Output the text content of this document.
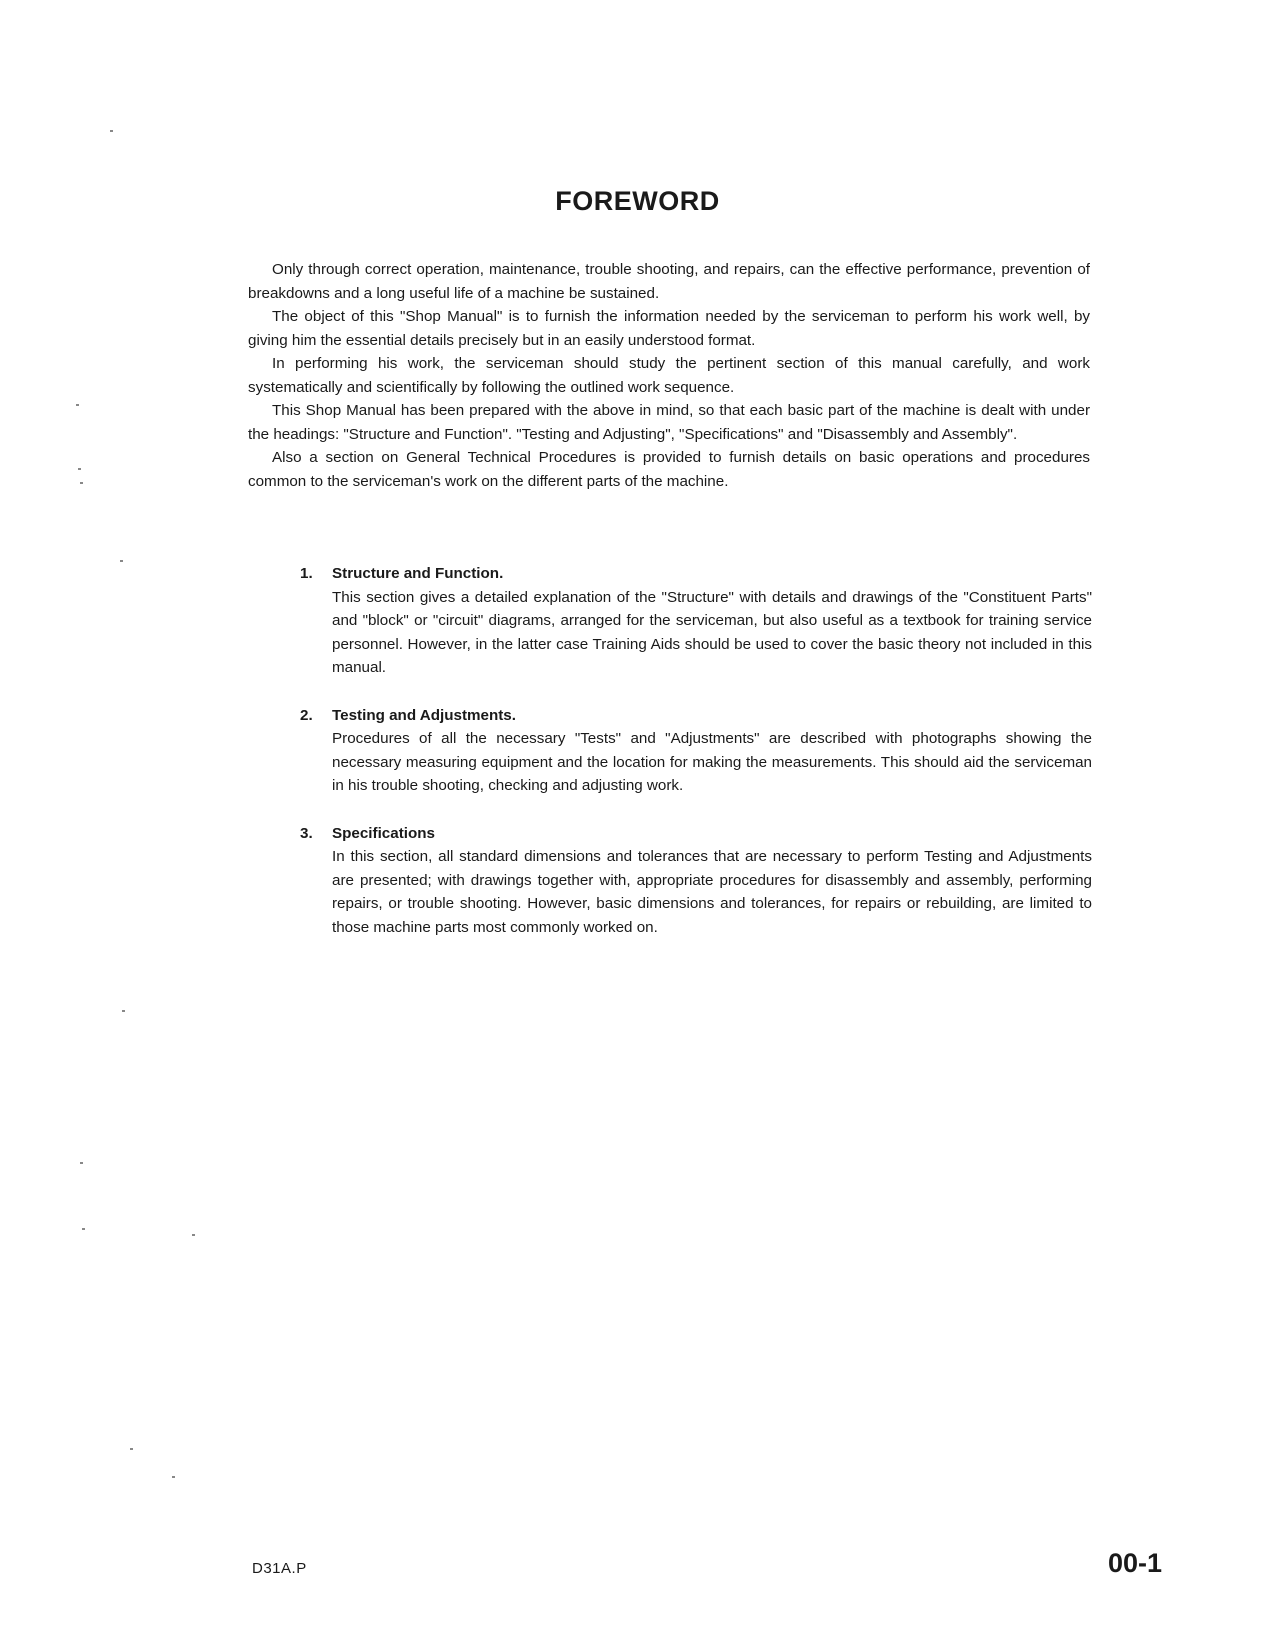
FOREWORD

Only through correct operation, maintenance, trouble shooting, and repairs, can the effective performance, prevention of breakdowns and a long useful life of a machine be sustained.

The object of this "Shop Manual" is to furnish the information needed by the serviceman to perform his work well, by giving him the essential details precisely but in an easily understood format.

In performing his work, the serviceman should study the pertinent section of this manual carefully, and work systematically and scientifically by following the outlined work sequence.

This Shop Manual has been prepared with the above in mind, so that each basic part of the machine is dealt with under the headings: "Structure and Function". "Testing and Adjusting", "Specifications" and "Disassembly and Assembly".

Also a section on General Technical Procedures is provided to furnish details on basic operations and procedures common to the serviceman's work on the different parts of the machine.

1.	Structure and Function.

This section gives a detailed explanation of the "Structure" with details and drawings of the "Constituent Parts" and "block" or "circuit" diagrams, arranged for the serviceman, but also useful as a textbook for training service personnel. However, in the latter case Training Aids should be used to cover the basic theory not included in this manual.

2.	Testing and Adjustments.

Procedures of all the necessary "Tests" and "Adjustments" are described with photographs showing the necessary measuring equipment and the location for making the measurements. This should aid the serviceman in his trouble shooting, checking and adjusting work.

3.	Specifications

In this section, all standard dimensions and tolerances that are necessary to perform Testing and Adjustments are presented; with drawings together with, appropriate procedures for disassembly and assembly, performing repairs, or trouble shooting. However, basic dimensions and tolerances, for repairs or rebuilding, are limited to those machine parts most commonly worked on.

D31A.P	00-1
